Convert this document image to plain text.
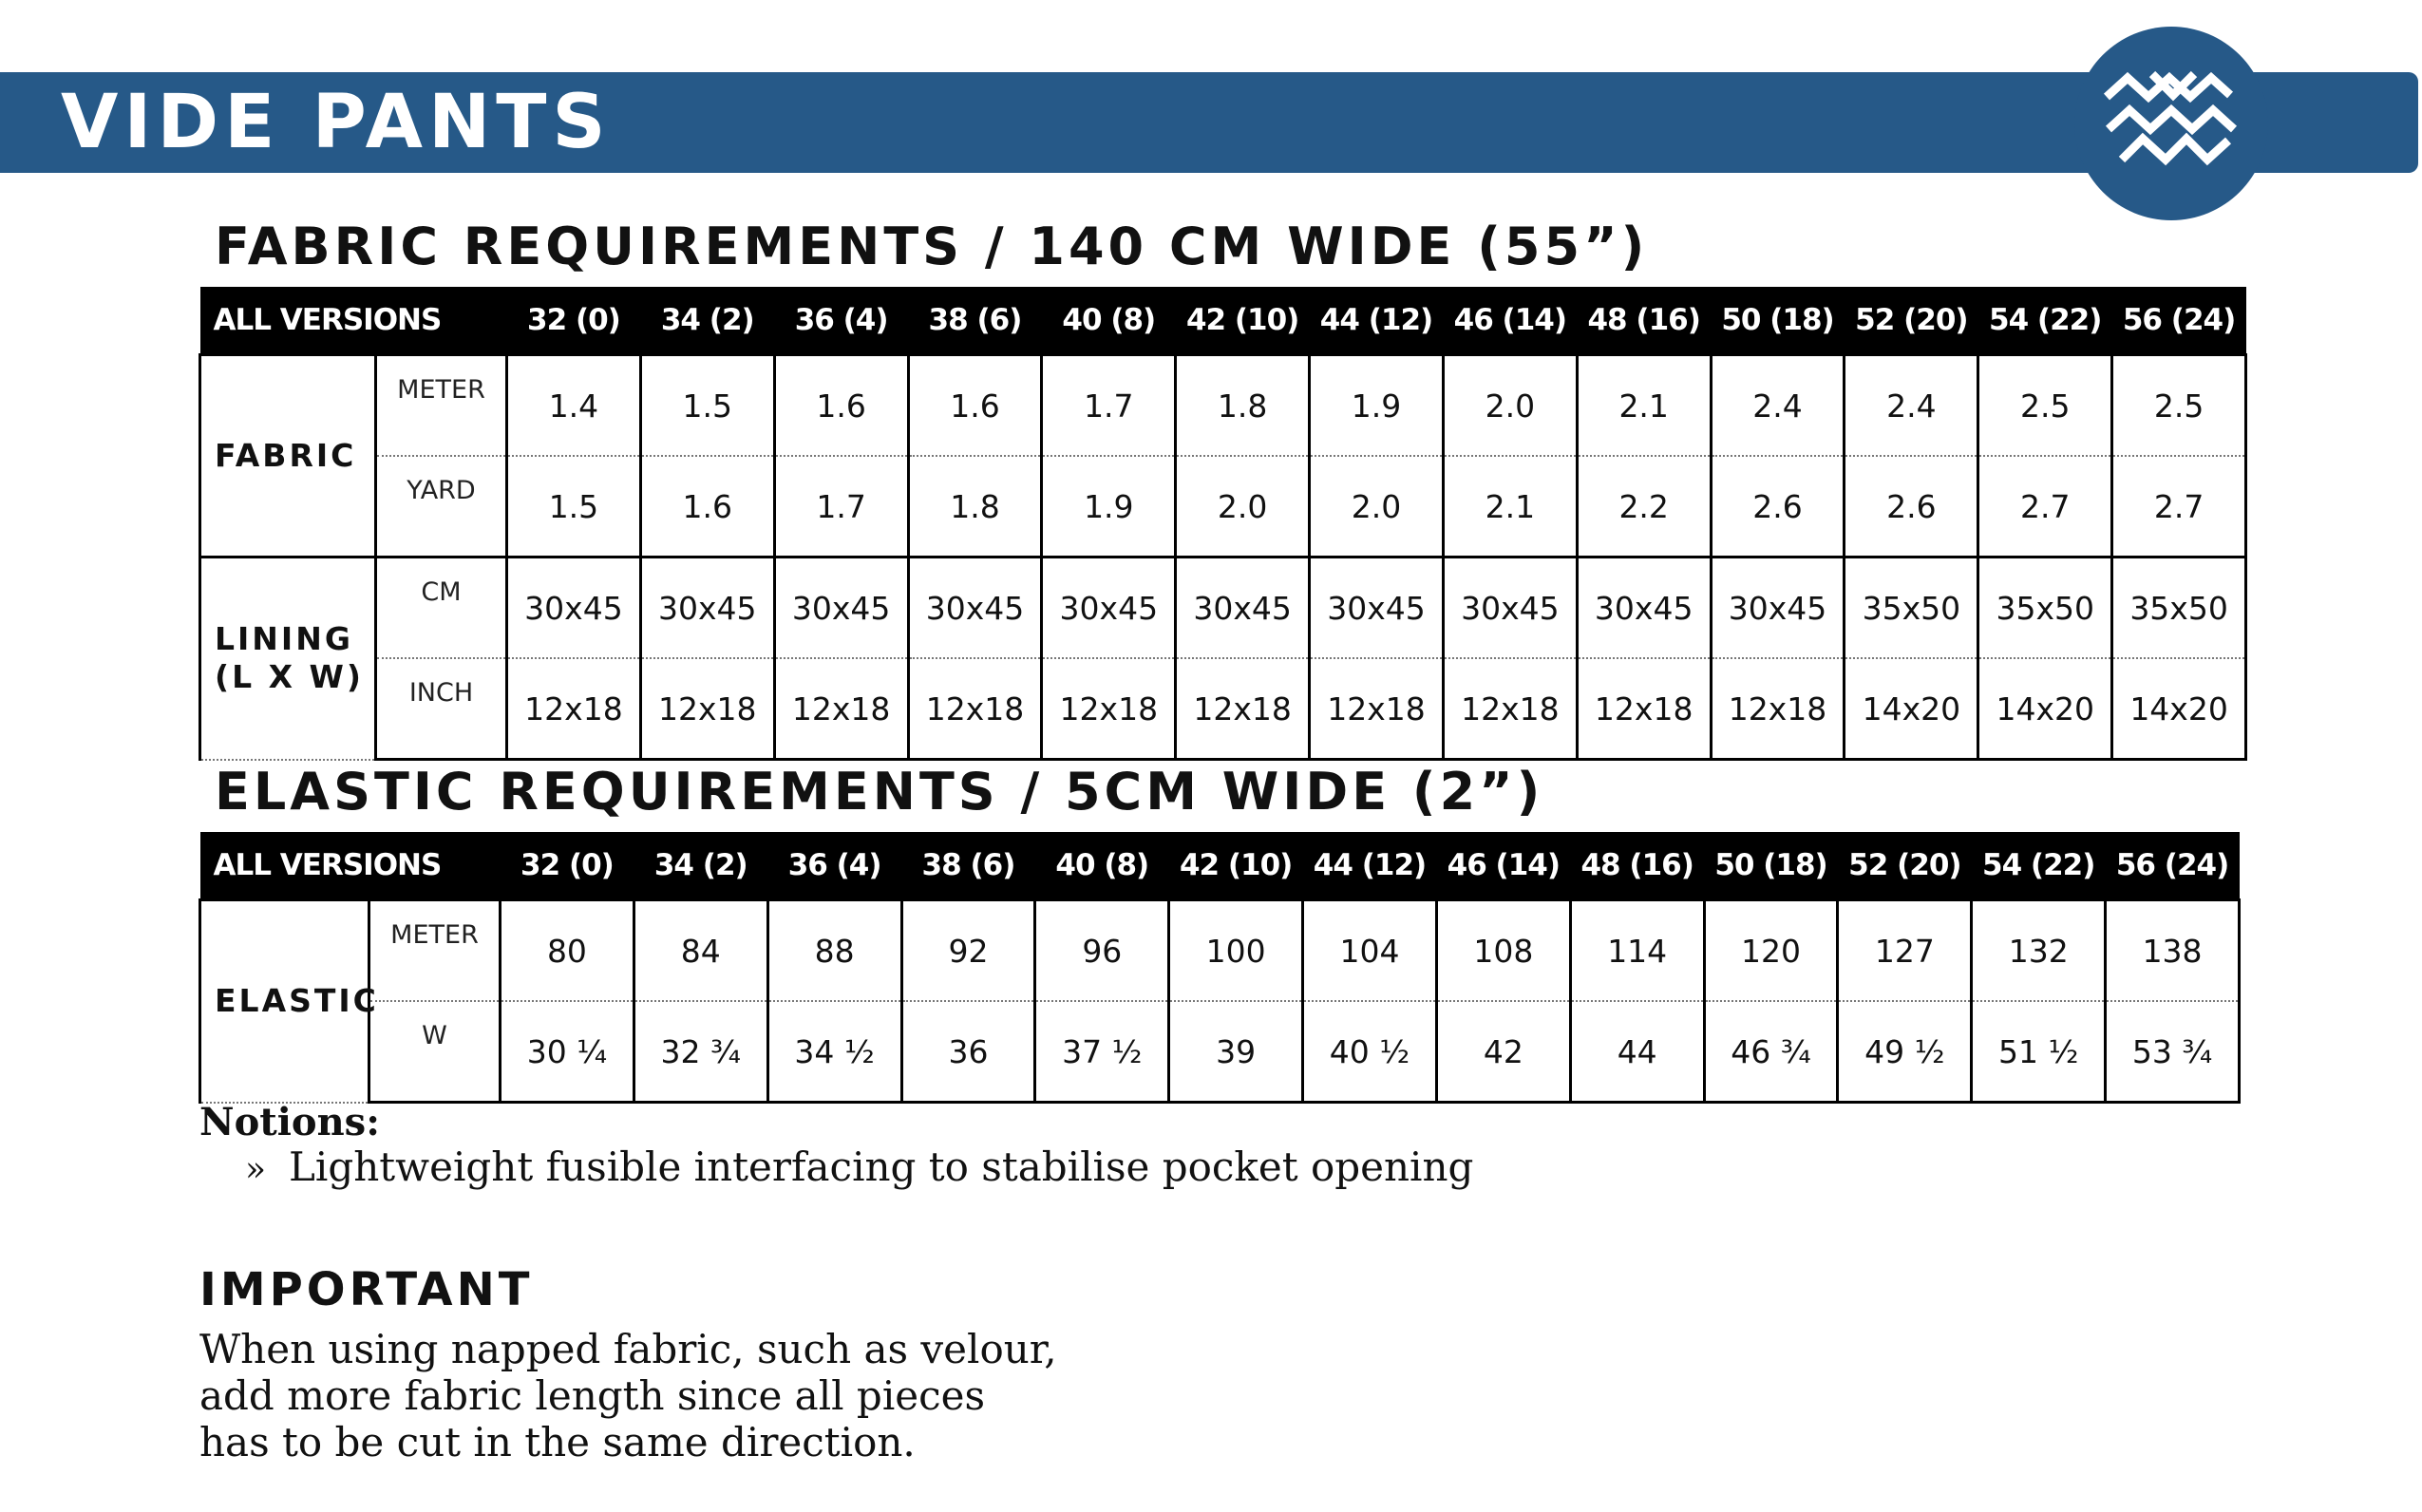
VIDE PANTS
FABRIC REQUIREMENTS / 140 CM WIDE (55”)
ALL VERSIONS		32 (0)	34 (2)	36 (4)	38 (6)	40 (8)	42 (10)	44 (12)	46 (14)	48 (16)	50 (18)	52 (20)	54 (22)	56 (24)
FABRIC	METER	1.4	1.5	1.6	1.6	1.7	1.8	1.9	2.0	2.1	2.4	2.4	2.5	2.5
	YARD	1.5	1.6	1.7	1.8	1.9	2.0	2.0	2.1	2.2	2.6	2.6	2.7	2.7

LINING
(L X W)	CM	30x45	30x45	30x45	30x45	30x45	30x45	30x45	30x45	30x45	30x45	35x50	35x50	35x50
	INCH	12x18	12x18	12x18	12x18	12x18	12x18	12x18	12x18	12x18	12x18	14x20	14x20	14x20
ELASTIC REQUIREMENTS / 5CM WIDE (2”)
ALL VERSIONS		32 (0)	34 (2)	36 (4)	38 (6)	40 (8)	42 (10)	44 (12)	46 (14)	48 (16)	50 (18)	52 (20)	54 (22)	56 (24)
ELASTIC	METER	80	84	88	92	96	100	104	108	114	120	127	132	138
	W	30 ¼	32 ¾	34 ½	36	37 ½	39	40 ½	42	44	46 ¾	49 ½	51 ½	53 ¾

Notions:

» Lightweight fusible interfacing to stabilise pocket opening

IMPORTANT

When using napped fabric, such as velour,
add more fabric length since all pieces
has to be cut in the same direction.
